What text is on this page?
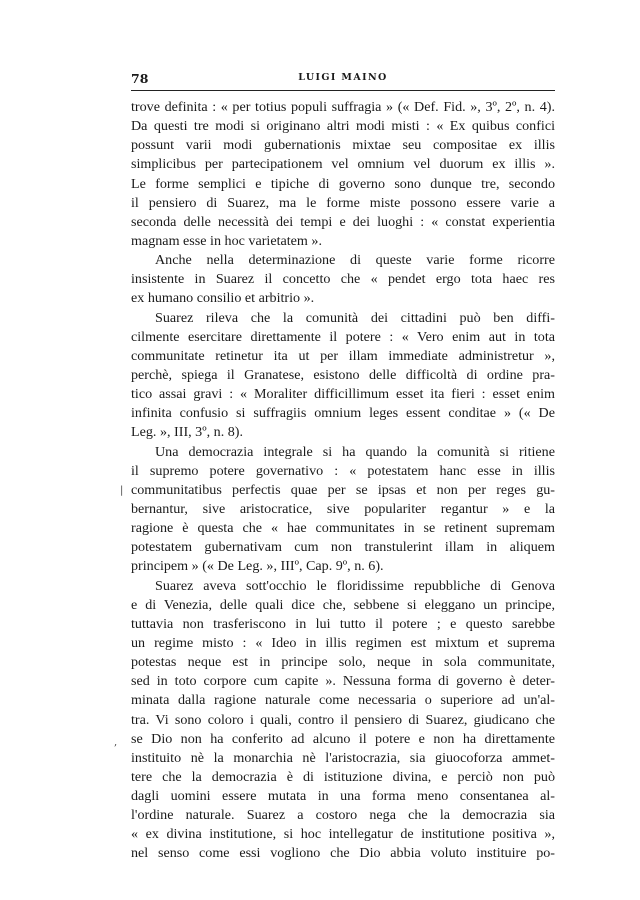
78	LUIGI MAINO
trove definita : « per totius populi suffragia » (« Def. Fid. », 3º, 2º, n. 4).
Da questi tre modi si originano altri modi misti : « Ex quibus confici
possunt varii modi gubernationis mixtae seu compositae ex illis
simplicibus per partecipationem vel omnium vel duorum ex illis ».
Le forme semplici e tipiche di governo sono dunque tre, secondo
il pensiero di Suarez, ma le forme miste possono essere varie a
seconda delle necessità dei tempi e dei luoghi : « constat experientia
magnam esse in hoc varietatem ».
Anche nella determinazione di queste varie forme ricorre
insistente in Suarez il concetto che « pendet ergo tota haec res
ex humano consilio et arbitrio ».
Suarez rileva che la comunità dei cittadini può ben diffi-
cilmente esercitare direttamente il potere : « Vero enim aut in tota
communitate retinetur ita ut per illam immediate administretur »,
perchè, spiega il Granatese, esistono delle difficoltà di ordine pra-
tico assai gravi : « Moraliter difficillimum esset ita fieri : esset enim
infinita confusio si suffragiis omnium leges essent conditae » (« De
Leg. », III, 3º, n. 8).
Una democrazia integrale si ha quando la comunità si ritiene
il supremo potere governativo : « potestatem hanc esse in illis
communitatibus perfectis quae per se ipsas et non per reges gu-
bernantur, sive aristocratice, sive populariter regantur » e la
ragione è questa che « hae communitates in se retinent supremam
potestatem gubernativam cum non transtulerint illam in aliquem
principem » (« De Leg. », IIIº, Cap. 9º, n. 6).
Suarez aveva sott'occhio le floridissime repubbliche di Genova
e di Venezia, delle quali dice che, sebbene si eleggano un principe,
tuttavia non trasferiscono in lui tutto il potere ; e questo sarebbe
un regime misto : « Ideo in illis regimen est mixtum et suprema
potestas neque est in principe solo, neque in sola communitate,
sed in toto corpore cum capite ». Nessuna forma di governo è deter-
minata dalla ragione naturale come necessaria o superiore ad un'al-
tra. Vi sono coloro i quali, contro il pensiero di Suarez, giudicano che
se Dio non ha conferito ad alcuno il potere e non ha direttamente
instituito nè la monarchia nè l'aristocrazia, sia giuocoforza ammet-
tere che la democrazia è di istituzione divina, e perciò non può
dagli uomini essere mutata in una forma meno consentanea al-
l'ordine naturale. Suarez a costoro nega che la democrazia sia
« ex divina institutione, si hoc intellegatur de institutione positiva »,
nel senso come essi vogliono che Dio abbia voluto instituire po-
|
,
